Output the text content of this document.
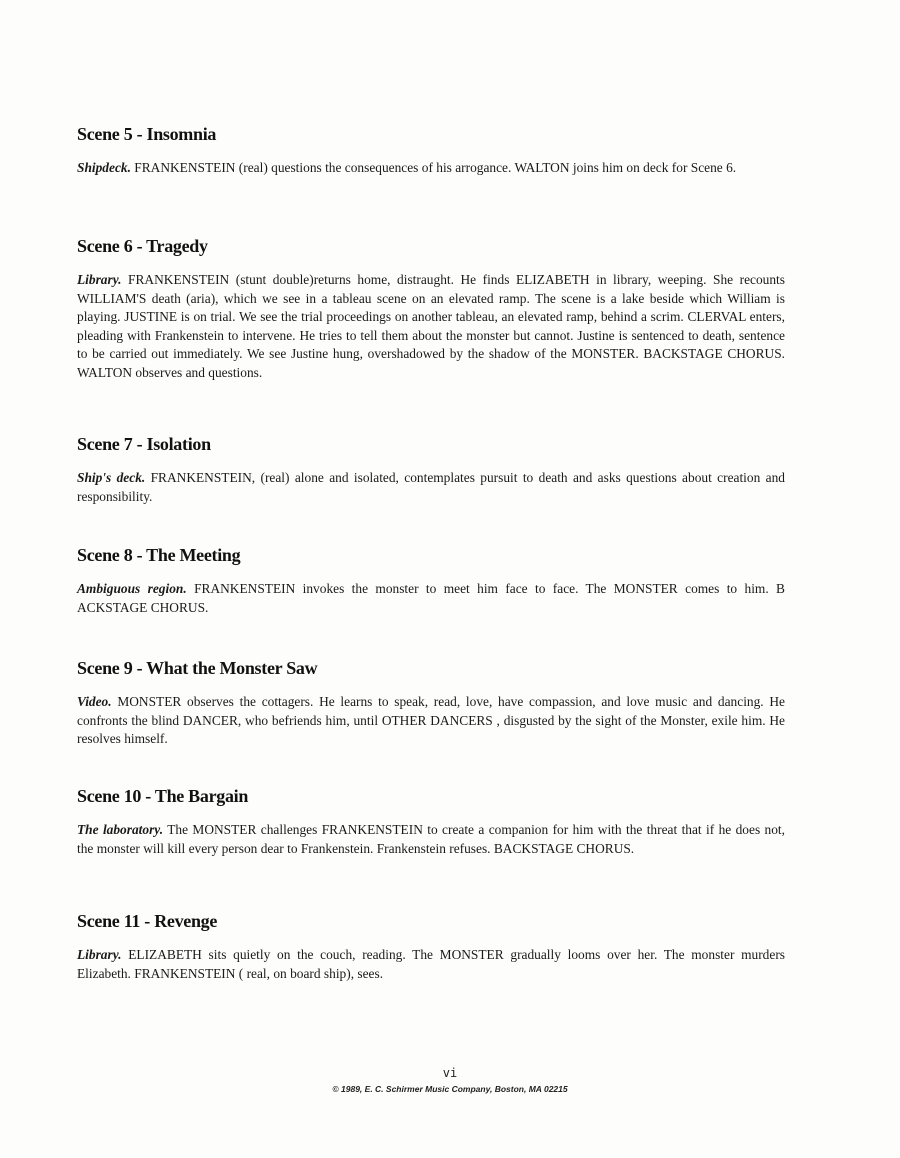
Scene 5 - Insomnia

Shipdeck. FRANKENSTEIN (real) questions the consequences of his arrogance. WALTON joins him on deck for Scene 6.

Scene 6 - Tragedy

Library. FRANKENSTEIN (stunt double)returns home, distraught. He finds ELIZABETH in library, weeping. She recounts WILLIAM'S death (aria), which we see in a tableau scene on an elevated ramp. The scene is a lake beside which William is playing. JUSTINE is on trial. We see the trial proceedings on another tableau, an elevated ramp, behind a scrim. CLERVAL enters, pleading with Frankenstein to intervene. He tries to tell them about the monster but cannot. Justine is sentenced to death, sentence to be carried out immediately. We see Justine hung, overshadowed by the shadow of the MONSTER. BACKSTAGE CHORUS. WALTON observes and questions.

Scene 7 - Isolation

Ship's deck. FRANKENSTEIN, (real) alone and isolated, contemplates pursuit to death and asks questions about creation and responsibility.

Scene 8 - The Meeting

Ambiguous region. FRANKENSTEIN invokes the monster to meet him face to face. The MONSTER comes to him. B ACKSTAGE CHORUS.

Scene 9 - What the Monster Saw

Video. MONSTER observes the cottagers. He learns to speak, read, love, have compassion, and love music and dancing. He confronts the blind DANCER, who befriends him, until OTHER DANCERS , disgusted by the sight of the Monster, exile him. He resolves himself.

Scene 10 - The Bargain

The laboratory. The MONSTER challenges FRANKENSTEIN to create a companion for him with the threat that if he does not, the monster will kill every person dear to Frankenstein. Frankenstein refuses. BACKSTAGE CHORUS.

Scene 11 - Revenge

Library. ELIZABETH sits quietly on the couch, reading. The MONSTER gradually looms over her. The monster murders Elizabeth. FRANKENSTEIN ( real, on board ship), sees.

vi
© 1989, E. C. Schirmer Music Company, Boston, MA 02215
